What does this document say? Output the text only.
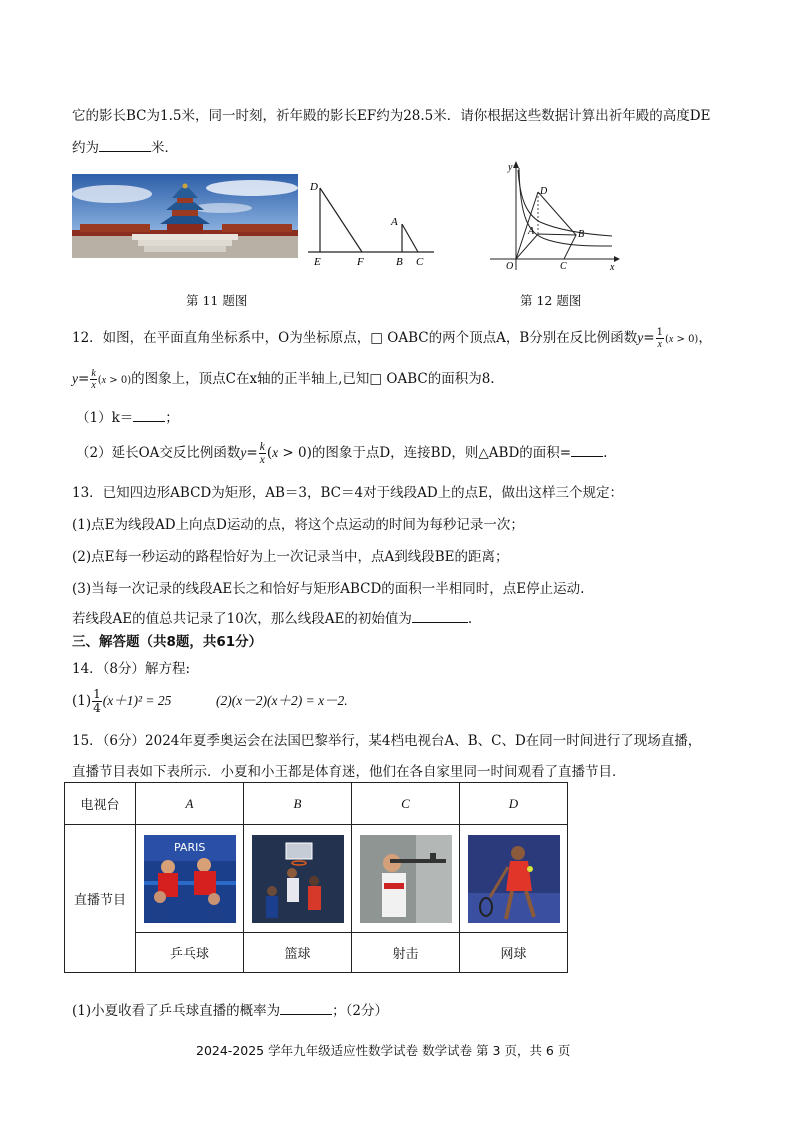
它的影长BC为1.5米，同一时刻，祈年殿的影长EF约为28.5米．请你根据这些数据计算出祈年殿的高度DE
约为	米．
D
E	F
A
B C
y
x
O
D
A	B
C
第 11 题图	第 12 题图
12．如图，在平面直角坐标系中，O为坐标原点，□ OABC的两个顶点A，B分别在反比例函数$y= \frac{1}{x} (x > 0)$，
$y= \frac{k}{x} (x > 0)$的图象上，顶点C在x轴的正半轴上,已知□ OABC的面积为8.
（1）k＝ ；
（2）延长OA交反比例函数$y= \frac{k}{x} (x > 0)$的图象于点D，连接BD，则△ABD的面积= .
13．已知四边形ABCD为矩形，AB＝3，BC＝4对于线段AD上的点E，做出这样三个规定：
(1)点E为线段AD上向点D运动的点，将这个点运动的时间为每秒记录一次；
(2)点E每一秒运动的路程恰好为上一次记录当中，点A到线段BE的距离；
(3)当每一次记录的线段AE长之和恰好与矩形ABCD的面积一半相同时，点E停止运动.
若线段AE的值总共记录了10次，那么线段AE的初始值为	.
三、解答题（共8题，共61分）
14．（8分）解方程:
$(1) \frac{1}{4} (x+1)^2 = 25$	(2)(x－2)(x＋2) = x－2.
15．（6分）2024年夏季奥运会在法国巴黎举行，某4档电视台A、B、C、D在同一时间进行了现场直播，
直播节目表如下表所示．小夏和小王都是体育迷，他们在各自家里同一时间观看了直播节目．
电视台	A	B	C	D
直播节目	PARIS

	乒乓球	篮球	射击	网球
(1)小夏收看了乒乓球直播的概率为	；（2分）
2024-2025 学年九年级适应性数学试卷 数学试卷 第 3 页，共 6 页
